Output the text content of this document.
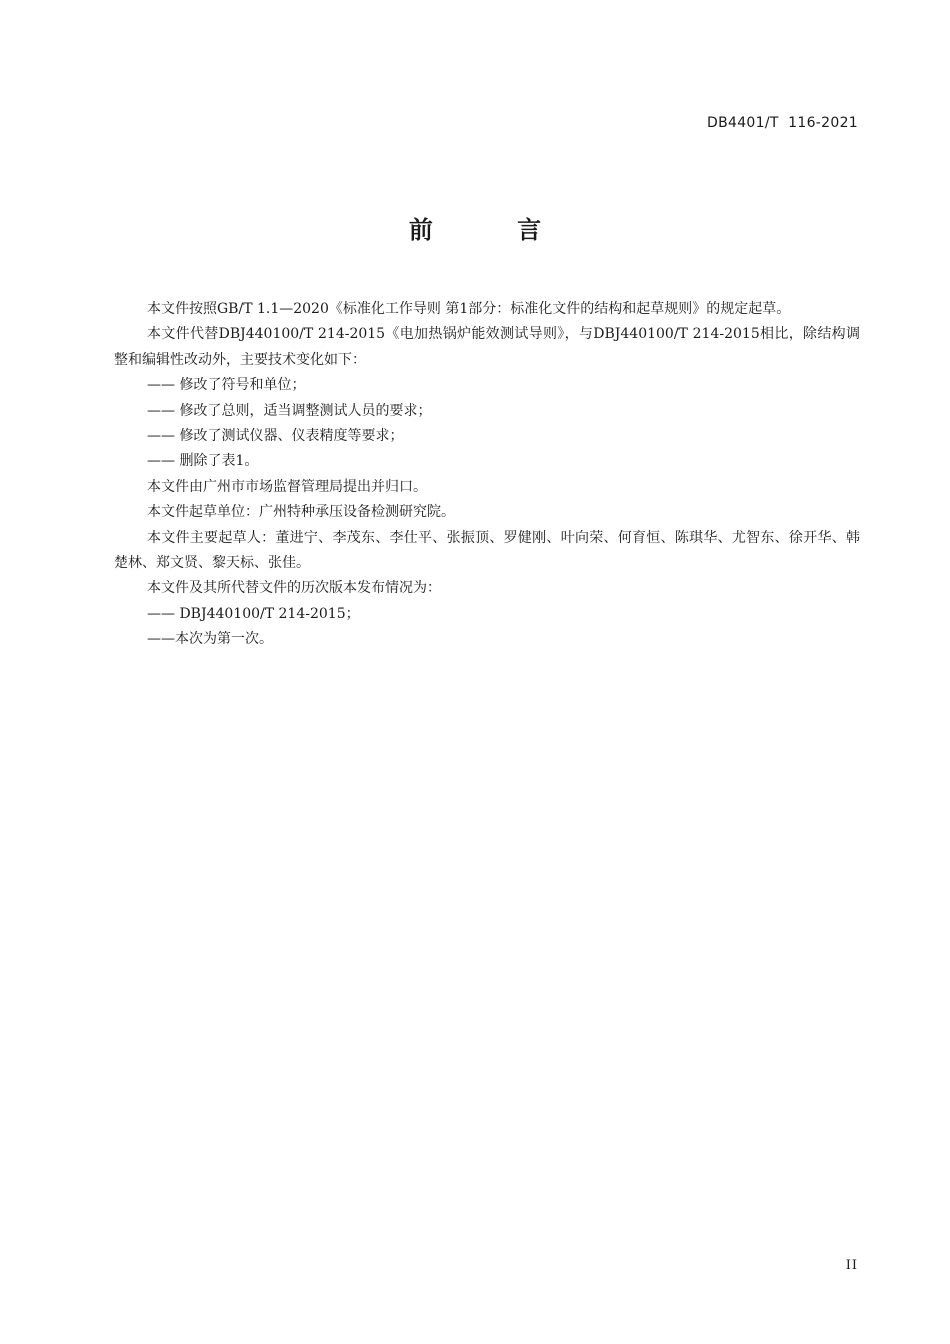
DB4401/T  116-2021
前 言

本文件按照GB/T 1.1—2020《标准化工作导则 第1部分：标准化文件的结构和起草规则》的规定起草。

本文件代替DBJ440100/T 214-2015《电加热锅炉能效测试导则》，与DBJ440100/T 214-2015相比，除结构调整和编辑性改动外，主要技术变化如下：

—— 修改了符号和单位；

—— 修改了总则，适当调整测试人员的要求；

—— 修改了测试仪器、仪表精度等要求；

—— 删除了表1。

本文件由广州市市场监督管理局提出并归口。

本文件起草单位：广州特种承压设备检测研究院。

本文件主要起草人：董进宁、李茂东、李仕平、张振顶、罗健刚、叶向荣、何育恒、陈琪华、尤智东、徐开华、韩楚林、郑文贤、黎天标、张佳。

本文件及其所代替文件的历次版本发布情况为：

—— DBJ440100/T 214-2015；

——本次为第一次。

II
